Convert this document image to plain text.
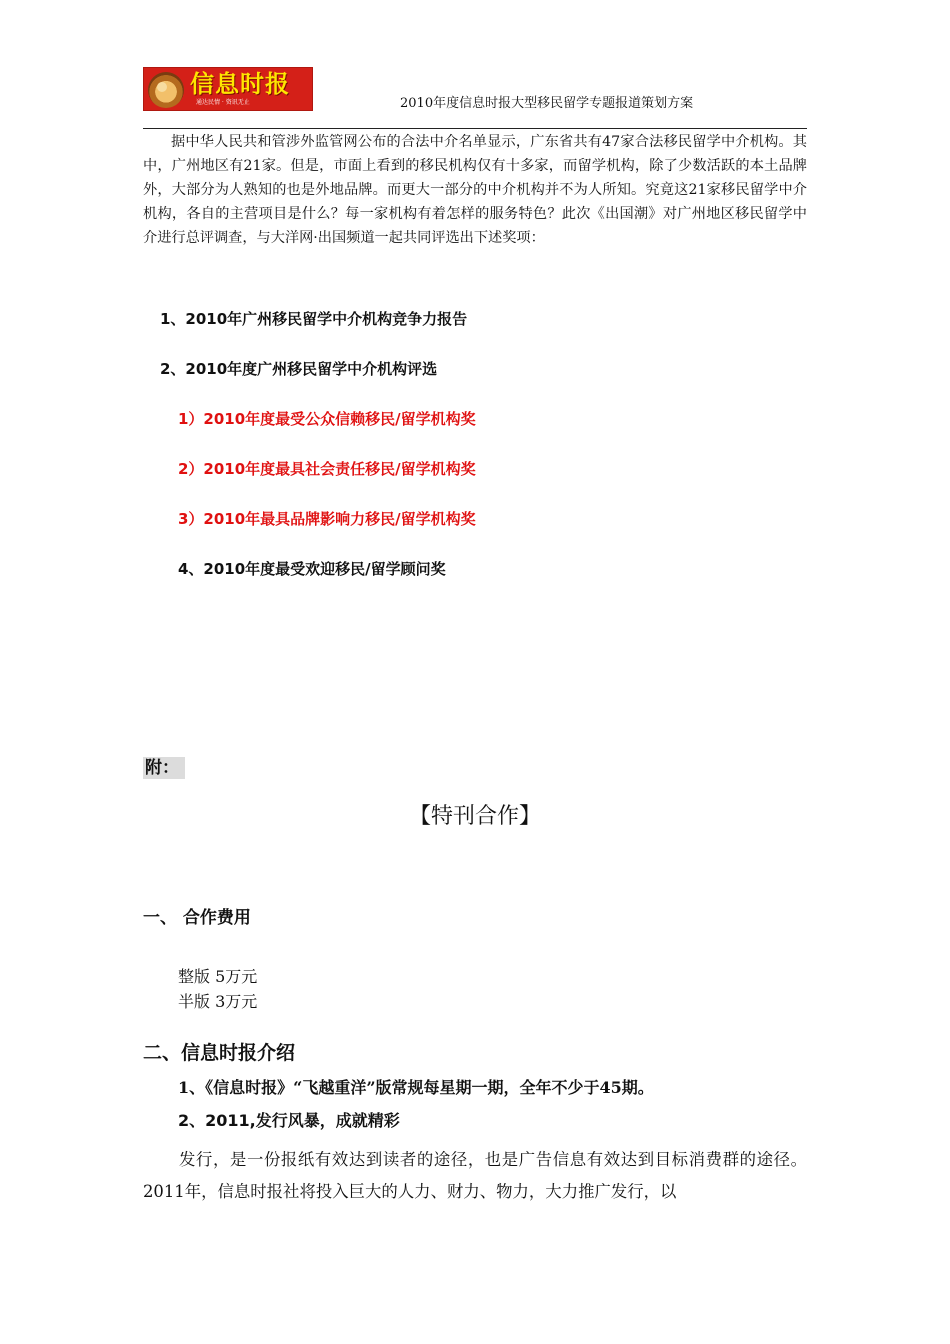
信息时报
通达民情 · 资讯无止	2010年度信息时报大型移民留学专题报道策划方案

据中华人民共和管涉外监管网公布的合法中介名单显示，广东省共有47家合法移民留学中介机构。其中，广州地区有21家。但是，市面上看到的移民机构仅有十多家，而留学机构，除了少数活跃的本土品牌外，大部分为人熟知的也是外地品牌。而更大一部分的中介机构并不为人所知。究竟这21家移民留学中介机构，各自的主营项目是什么？每一家机构有着怎样的服务特色？此次《出国潮》对广州地区移民留学中介进行总评调查，与大洋网·出国频道一起共同评选出下述奖项：

1、2010年广州移民留学中介机构竞争力报告
2、2010年度广州移民留学中介机构评选
1）2010年度最受公众信赖移民/留学机构奖
2）2010年度最具社会责任移民/留学机构奖
3）2010年最具品牌影响力移民/留学机构奖
4、2010年度最受欢迎移民/留学顾问奖
附：
【特刊合作】
一、 合作费用
整版 5万元
半版 3万元
二、信息时报介绍
1、《信息时报》“飞越重洋”版常规每星期一期，全年不少于45期。
2、2011,发行风暴，成就精彩

发行，是一份报纸有效达到读者的途径，也是广告信息有效达到目标消费群的途径。2011年，信息时报社将投入巨大的人力、财力、物力，大力推广发行，以
